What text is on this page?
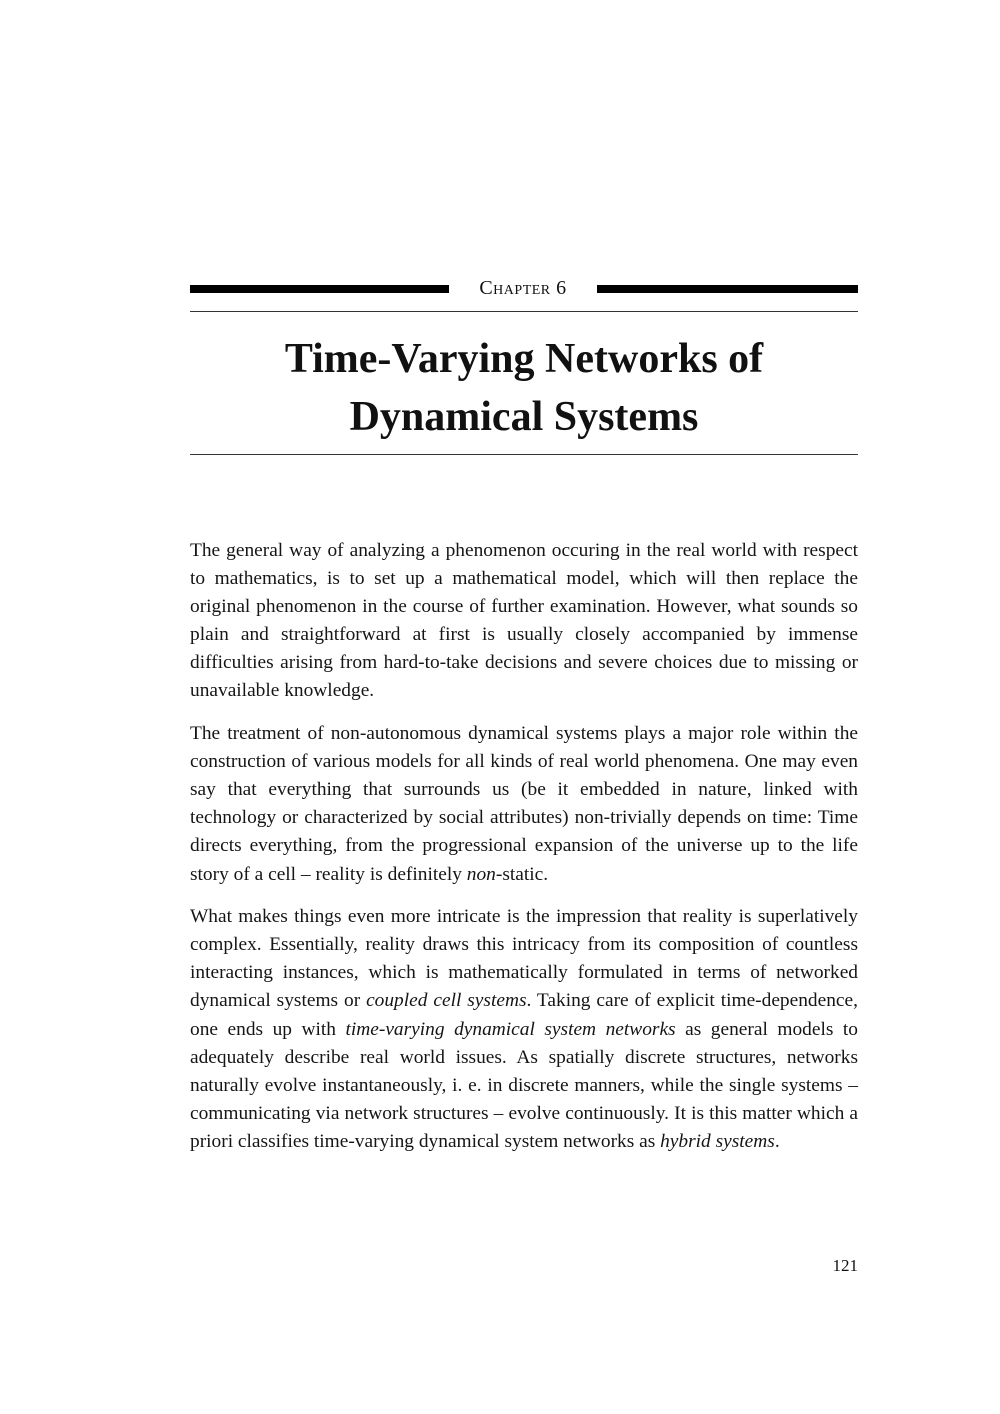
Chapter 6
Time-Varying Networks of
Dynamical Systems

The general way of analyzing a phenomenon occuring in the real world with respect to mathematics, is to set up a mathematical model, which will then replace the original phenomenon in the course of further examination. However, what sounds so plain and straightforward at first is usually closely accompanied by immense difficulties arising from hard-to-take decisions and severe choices due to missing or unavailable knowledge.

The treatment of non-autonomous dynamical systems plays a major role within the construction of various models for all kinds of real world phenomena. One may even say that everything that surrounds us (be it embedded in nature, linked with technology or characterized by social attributes) non-trivially depends on time: Time directs everything, from the progressional expansion of the universe up to the life story of a cell – reality is definitely non-static.

What makes things even more intricate is the impression that reality is superlatively complex. Essentially, reality draws this intricacy from its composition of countless interacting instances, which is mathematically formulated in terms of networked dynamical systems or coupled cell systems. Taking care of explicit time-dependence, one ends up with time-varying dynamical system networks as general models to adequately describe real world issues. As spatially discrete structures, networks naturally evolve instantaneously, i. e. in discrete manners, while the single systems – communicating via network structures – evolve continuously. It is this matter which a priori classifies time-varying dynamical system networks as hybrid systems.

121
